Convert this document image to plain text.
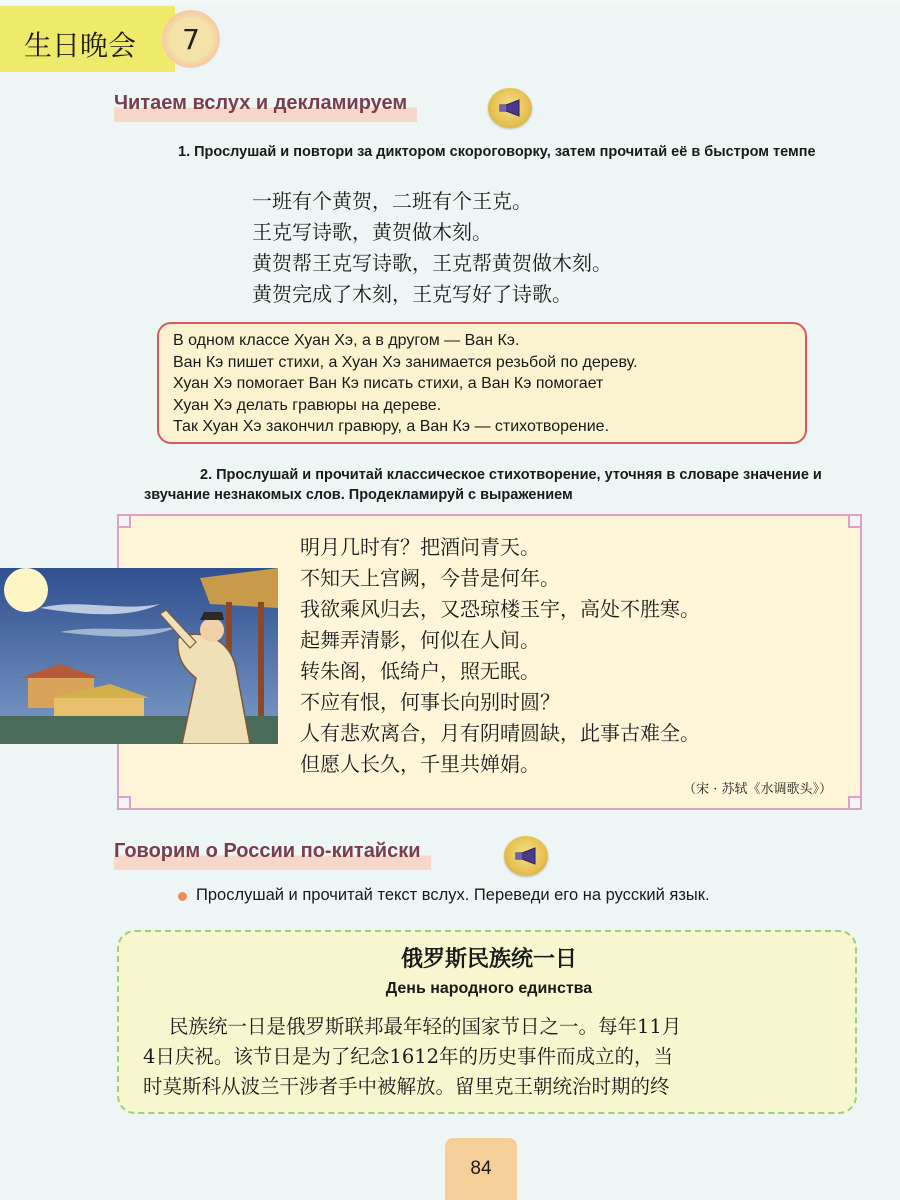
生日晚会	7
Читаем вслух и декламируем
1. Прослушай и повтори за диктором скороговорку, затем прочитай её в быстром темпе
一班有个黄贺，二班有个王克。
王克写诗歌，黄贺做木刻。
黄贺帮王克写诗歌，王克帮黄贺做木刻。
黄贺完成了木刻，王克写好了诗歌。
В одном классе Хуан Хэ, а в другом — Ван Кэ.
Ван Кэ пишет стихи, а Хуан Хэ занимается резьбой по дереву.
Хуан Хэ помогает Ван Кэ писать стихи, а Ван Кэ помогает
Хуан Хэ делать гравюры на дереве.
Так Хуан Хэ закончил гравюру, а Ван Кэ — стихотворение.
2. Прослушай и прочитай классическое стихотворение, уточняя в словаре значение и звучание незнакомых слов. Продекламируй с выражением
明月几时有？把酒问青天。
不知天上宫阙，今昔是何年。
我欲乘风归去，又恐琼楼玉宇，高处不胜寒。
起舞弄清影，何似在人间。
转朱阁，低绮户，照无眠。
不应有恨，何事长向别时圆？
人有悲欢离合，月有阴晴圆缺，此事古难全。
但愿人长久，千里共婵娟。
（宋 · 苏轼《水调歌头》）
Говорим о России по-китайски
Прослушай и прочитай текст вслух. Переведи его на русский язык.
俄罗斯民族统一日
День народного единства
民族统一日是俄罗斯联邦最年轻的国家节日之一。每年11月
4日庆祝。该节日是为了纪念1612年的历史事件而成立的，当
时莫斯科从波兰干涉者手中被解放。留里克王朝统治时期的终
84
